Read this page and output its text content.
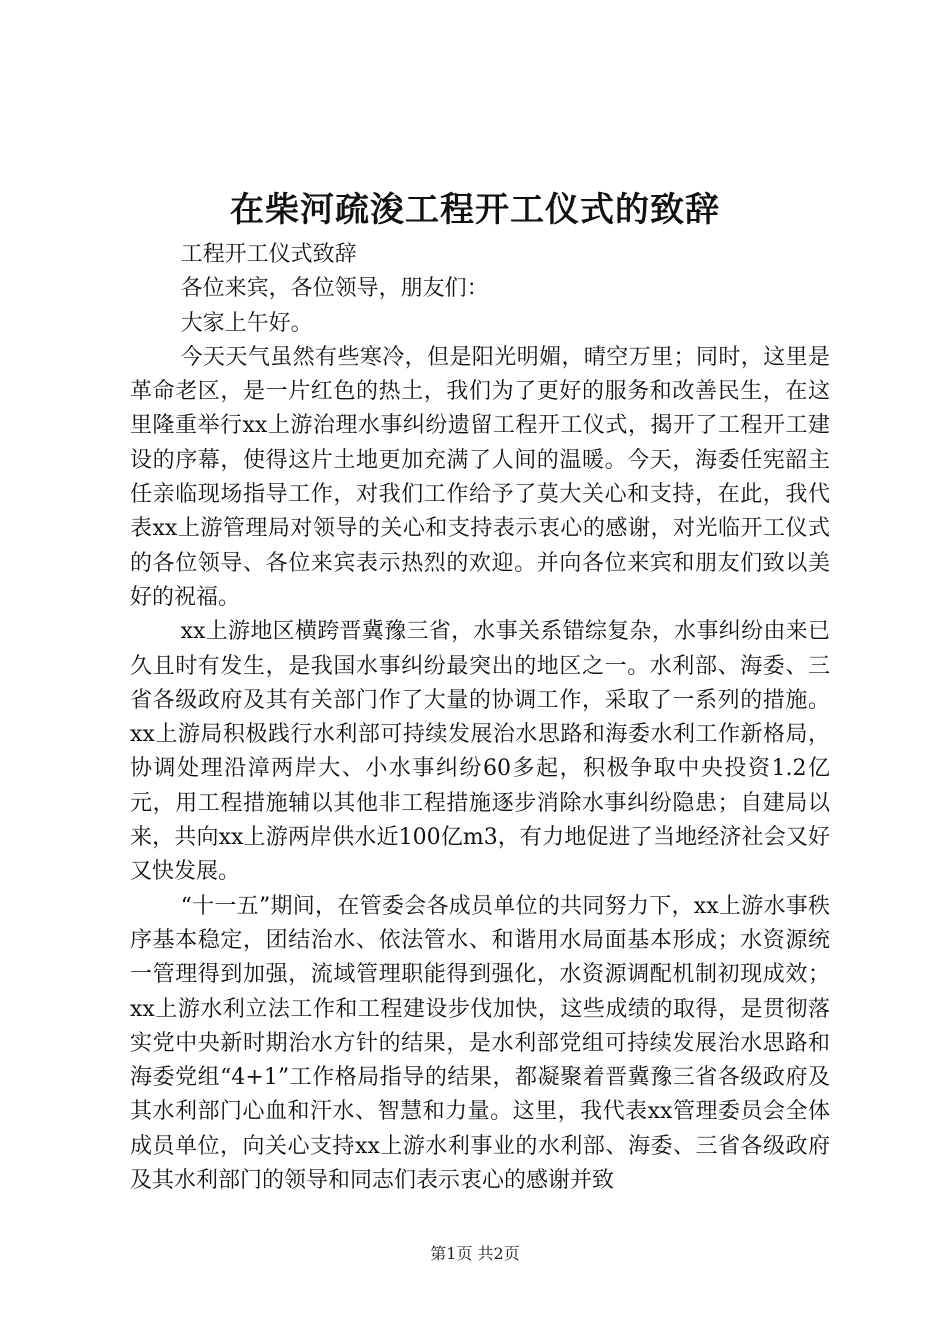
在柴河疏浚工程开工仪式的致辞

工程开工仪式致辞

各位来宾，各位领导，朋友们：

大家上午好。

今天天气虽然有些寒冷，但是阳光明媚，晴空万里；同时，这里是革命老区，是一片红色的热土，我们为了更好的服务和改善民生，在这里隆重举行xx上游治理水事纠纷遗留工程开工仪式，揭开了工程开工建设的序幕，使得这片土地更加充满了人间的温暖。今天，海委任宪韶主任亲临现场指导工作，对我们工作给予了莫大关心和支持，在此，我代表xx上游管理局对领导的关心和支持表示衷心的感谢，对光临开工仪式的各位领导、各位来宾表示热烈的欢迎。并向各位来宾和朋友们致以美好的祝福。

xx上游地区横跨晋冀豫三省，水事关系错综复杂，水事纠纷由来已久且时有发生，是我国水事纠纷最突出的地区之一。水利部、海委、三省各级政府及其有关部门作了大量的协调工作，采取了一系列的措施。xx上游局积极践行水利部可持续发展治水思路和海委水利工作新格局，协调处理沿漳两岸大、小水事纠纷60多起，积极争取中央投资1.2亿元，用工程措施辅以其他非工程措施逐步消除水事纠纷隐患；自建局以来，共向xx上游两岸供水近100亿m3，有力地促进了当地经济社会又好又快发展。

“十一五”期间，在管委会各成员单位的共同努力下，xx上游水事秩序基本稳定，团结治水、依法管水、和谐用水局面基本形成；水资源统一管理得到加强，流域管理职能得到强化，水资源调配机制初现成效；xx上游水利立法工作和工程建设步伐加快，这些成绩的取得，是贯彻落实党中央新时期治水方针的结果，是水利部党组可持续发展治水思路和海委党组“4+1”工作格局指导的结果，都凝聚着晋冀豫三省各级政府及其水利部门心血和汗水、智慧和力量。这里，我代表xx管理委员会全体成员单位，向关心支持xx上游水利事业的水利部、海委、三省各级政府及其水利部门的领导和同志们表示衷心的感谢并致

第1页 共2页
